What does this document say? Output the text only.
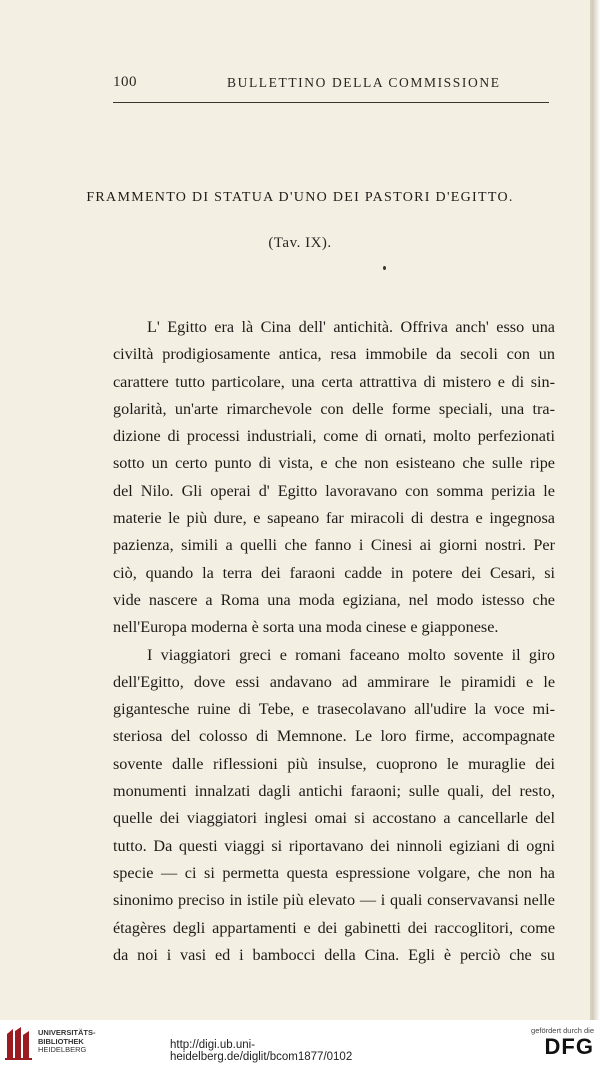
100	BULLETTINO DELLA COMMISSIONE
FRAMMENTO DI STATUA D'UNO DEI PASTORI D'EGITTO.
(Tav. IX).
L' Egitto era là Cina dell' antichità. Offriva anch' esso una
civiltà prodigiosamente antica, resa immobile da secoli con un
carattere tutto particolare, una certa attrattiva di mistero e di sin-
golarità, un'arte rimarchevole con delle forme speciali, una tra-
dizione di processi industriali, come di ornati, molto perfezionati
sotto un certo punto di vista, e che non esisteano che sulle ripe
del Nilo. Gli operai d' Egitto lavoravano con somma perizia le
materie le più dure, e sapeano far miracoli di destra e ingegnosa
pazienza, simili a quelli che fanno i Cinesi ai giorni nostri. Per
ciò, quando la terra dei faraoni cadde in potere dei Cesari, si
vide nascere a Roma una moda egiziana, nel modo istesso che
nell'Europa moderna è sorta una moda cinese e giapponese.
I viaggiatori greci e romani faceano molto sovente il giro
dell'Egitto, dove essi andavano ad ammirare le piramidi e le
gigantesche ruine di Tebe, e trasecolavano all'udire la voce mi-
steriosa del colosso di Memnone. Le loro firme, accompagnate
sovente dalle riflessioni più insulse, cuoprono le muraglie dei
monumenti innalzati dagli antichi faraoni; sulle quali, del resto,
quelle dei viaggiatori inglesi omai si accostano a cancellarle del
tutto. Da questi viaggi si riportavano dei ninnoli egiziani di ogni
specie — ci si permetta questa espressione volgare, che non ha
sinonimo preciso in istile più elevato — i quali conservavansi nelle
étagères degli appartamenti e dei gabinetti dei raccoglitori, come
da noi i vasi ed i bambocci della Cina. Egli è perciò che su
UNIVERSITÄTS-
BIBLIOTHEK
HEIDELBERG	http://digi.ub.uni-heidelberg.de/diglit/bcom1877/0102
gefördert durch die
DFG
